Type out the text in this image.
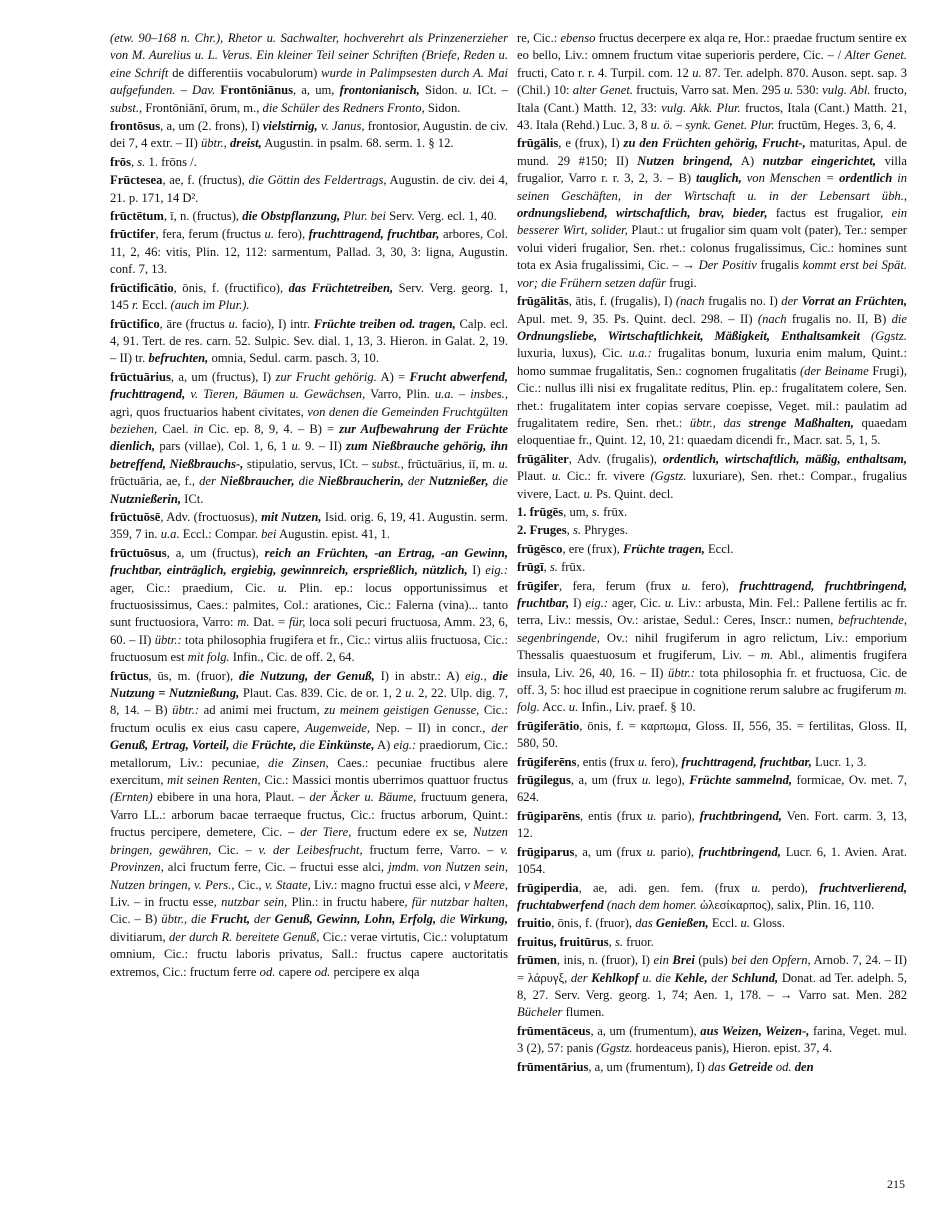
(etw. 90–168 n. Chr.), Rhetor u. Sachwalter, hochverehrt als Prinzenerzieher von M. Aurelius u. L. Verus. Ein kleiner Teil seiner Schriften (Briefe, Reden u. eine Schrift de differentiis vocabulorum) wurde in Palimpsesten durch A. Mai aufgefunden. – Dav. Frontōniānus, a, um, frontonianisch, Sidon. u. ICt. – subst., Frontōniānī, ōrum, m., die Schüler des Redners Fronto, Sidon.
frontōsus, a, um (2. frons), I) vielstirnig, v. Janus, frontosior, Augustin. de civ. dei 7, 4 extr. – II) übtr., dreist, Augustin. in psalm. 68. serm. 1. § 12.
frōs, s. 1. frōns /.
Frūctesea, ae, f. (fructus), die Göttin des Feldertrags, Augustin. de civ. dei 4, 21. p. 171, 14 D².
frūctētum, ī, n. (fructus), die Obstpflanzung, Plur. bei Serv. Verg. ecl. 1, 40.
frūctifer, fera, ferum (fructus u. fero), fruchttragend, fruchtbar, arbores, Col. 11, 2, 46: vitis, Plin. 12, 112: sarmentum, Pallad. 3, 30, 3: ligna, Augustin. conf. 7, 13.
frūctificātio, ōnis, f. (fructifico), das Früchtetreiben, Serv. Verg. georg. 1, 145 r. Eccl. (auch im Plur.).
frūctifico, āre (fructus u. facio), I) intr. Früchte treiben od. tragen, Calp. ecl. 4, 91. Tert. de res. carn. 52. Sulpic. Sev. dial. 1, 13, 3. Hieron. in Galat. 2, 19. – II) tr. befruchten, omnia, Sedul. carm. pasch. 3, 10.
frūctuārius, a, um (fructus), I) zur Frucht gehörig. A) = Frucht abwerfend, fruchttragend, v. Tieren, Bäumen u. Gewächsen, Varro, Plin. u.a. – insbes., agri, quos fructuarios habent civitates, von denen die Gemeinden Fruchtgülten beziehen, Cael. in Cic. ep. 8, 9, 4. – B) = zur Aufbewahrung der Früchte dienlich, pars (villae), Col. 1, 6, 1 u. 9. – II) zum Nießbrauche gehörig, ihn betreffend, Nießbrauchs-, stipulatio, servus, ICt. – subst., frūctuārius, iī, m. u. frūctuāria, ae, f., der Nießbraucher, die Nießbraucherin, der Nutznießer, die Nutznießerin, ICt.
frūctuōsē, Adv. (froctuosus), mit Nutzen, Isid. orig. 6, 19, 41. Augustin. serm. 359, 7 in. u.a. Eccl.: Compar. bei Augustin. epist. 41, 1.
frūctuōsus, a, um (fructus), reich an Früchten, -an Ertrag, -an Gewinn, fruchtbar, einträglich, ergiebig, gewinnreich, ersprießlich, nützlich, I) eig.: ager, Cic.: praedium, Cic. u. Plin. ep.: locus opportunissimus et fructuosissimus, Caes.: palmites, Col.: arationes, Cic.: Falerna (vina)... tanto sunt fructuosiora, Varro: m. Dat. = für, loca soli pecuri fructuosa, Amm. 23, 6, 60. – II) übtr.: tota philosophia frugifera et fr., Cic.: virtus aliis fructuosa, Cic.: fructuosum est mit folg. Infin., Cic. de off. 2, 64.
frūctus, ūs, m. (fruor), die Nutzung, der Genuß, I) in abstr.: A) eig., die Nutzung = Nutznießung, Plaut. Cas. 839. Cic. de or. 1, 2 u. 2, 22. Ulp. dig. 7, 8, 14. – B) übtr.: ad animi mei fructum, zu meinem geistigen Genusse, Cic.: fructum oculis ex eius casu capere, Augenweide, Nep. – II) in concr., der Genuß, Ertrag, Vorteil, die Früchte, die Einkünste, A) eig.: praediorum, Cic.: metallorum, Liv.: pecuniae, die Zinsen, Caes.: pecuniae fructibus alere exercitum, mit seinen Renten, Cic.: Massici montis uberrimos quattuor fructus (Ernten) ebibere in una hora, Plaut. – der Äcker u. Bäume, fructuum genera, Varro LL.: arborum bacae terraeque fructus, Cic.: fructus arborum, Quint.: fructus percipere, demetere, Cic. – der Tiere, fructum edere ex se, Nutzen bringen, gewähren, Cic. – v. der Leibesfrucht, fructum ferre, Varro. – v. Provinzen, alci fructum ferre, Cic. – fructui esse alci, jmdm. von Nutzen sein, Nutzen bringen, v. Pers., Cic., v. Staate, Liv.: magno fructui esse alci, v Meere, Liv. – in fructu esse, nutzbar sein, Plin.: in fructu habere, für nutzbar halten, Cic. – B) übtr., die Frucht, der Genuß, Gewinn, Lohn, Erfolg, die Wirkung, divitiarum, der durch R. bereitete Genuß, Cic.: verae virtutis, Cic.: voluptatum omnium, Cic.: fructu laboris privatus, Sall.: fructus capere auctoritatis extremos, Cic.: fructum ferre od. capere od. percipere ex alqa
re, Cic.: ebenso fructus decerpere ex alqa re, Hor.: praedae fructum sentire ex eo bello, Liv.: omnem fructum vitae superioris perdere, Cic. – / Alter Genet. fructi, Cato r. r. 4. Turpil. com. 12 u. 87. Ter. adelph. 870. Auson. sept. sap. 3 (Chil.) 10: alter Genet. fructuis, Varro sat. Men. 295 u. 530: vulg. Abl. fructo, Itala (Cant.) Matth. 12, 33: vulg. Akk. Plur. fructos, Itala (Cant.) Matth. 21, 43. Itala (Rehd.) Luc. 3, 8 u. ö. – synk. Genet. Plur. fructūm, Heges. 3, 6, 4.
frūgālis, e (frux), I) zu den Früchten gehörig, Frucht-, maturitas, Apul. de mund. 29 #150; II) Nutzen bringend, A) nutzbar eingerichtet, villa frugalior, Varro r. r. 3, 2, 3. – B) tauglich, von Menschen = ordentlich in seinen Geschäften, in der Wirtschaft u. in der Lebensart übh., ordnungsliebend, wirtschaftlich, brav, bieder, factus est frugalior, ein besserer Wirt, solider, Plaut.: ut frugalior sim quam volt (pater), Ter.: semper volui videri frugalior, Sen. rhet.: colonus frugalissimus, Cic.: homines sunt tota ex Asia frugalissimi, Cic. – → Der Positiv frugalis kommt erst bei Spät. vor; die Frühern setzen dafür frugi.
frūgālitās, ātis, f. (frugalis), I) (nach frugalis no. I) der Vorrat an Früchten, Apul. met. 9, 35. Ps. Quint. decl. 298. – II) (nach frugalis no. II, B) die Ordnungsliebe, Wirtschaftlichkeit, Mäßigkeit, Enthaltsamkeit (Ggstz. luxuria, luxus), Cic. u.a.: frugalitas bonum, luxuria enim malum, Quint.: homo summae frugalitatis, Sen.: cognomen frugalitatis (der Beiname Frugi), Cic.: nullus illi nisi ex frugalitate reditus, Plin. ep.: frugalitatem colere, Sen. rhet.: frugalitatem inter copias servare coepisse, Veget. mil.: paulatim ad frugalitatem redire, Sen. rhet.: übtr., das strenge Maßhalten, quaedam eloquentiae fr., Quint. 12, 10, 21: quaedam dicendi fr., Macr. sat. 5, 1, 5.
frūgāliter, Adv. (frugalis), ordentlich, wirtschaftlich, mäßig, enthaltsam, Plaut. u. Cic.: fr. vivere (Ggstz. luxuriare), Sen. rhet.: Compar., frugalius vivere, Lact. u. Ps. Quint. decl.
1. frūgēs, um, s. frūx.
2. Fruges, s. Phryges.
frūgēsco, ere (frux), Früchte tragen, Eccl.
frūgī, s. frūx.
frūgifer, fera, ferum (frux u. fero), fruchttragend, fruchtbringend, fruchtbar, I) eig.: ager, Cic. u. Liv.: arbusta, Min. Fel.: Pallene fertilis ac fr. terra, Liv.: messis, Ov.: aristae, Sedul.: Ceres, Inscr.: numen, befruchtende, segenbringende, Ov.: nihil frugiferum in agro relictum, Liv.: emporium Thessalis quaestuosum et frugiferum, Liv. – m. Abl., alimentis frugifera insula, Liv. 26, 40, 16. – II) übtr.: tota philosophia fr. et fructuosa, Cic. de off. 3, 5: hoc illud est praecipue in cognitione rerum salubre ac frugiferum m. folg. Acc. u. Infin., Liv. praef. § 10.
frūgiferātio, ōnis, f. = καρπωμα, Gloss. II, 556, 35. = fertilitas, Gloss. II, 580, 50.
frūgiferēns, entis (frux u. fero), fruchttragend, fruchtbar, Lucr. 1, 3.
frūgilegus, a, um (frux u. lego), Früchte sammelnd, formicae, Ov. met. 7, 624.
frūgiparēns, entis (frux u. pario), fruchtbringend, Ven. Fort. carm. 3, 13, 12.
frūgiparus, a, um (frux u. pario), fruchtbringend, Lucr. 6, 1. Avien. Arat. 1054.
frūgiperdia, ae, adi. gen. fem. (frux u. perdo), fruchtverlierend, fruchtabwerfend (nach dem homer. ὠλεσίκαρπος), salix, Plin. 16, 110.
fruitio, ōnis, f. (fruor), das Genießen, Eccl. u. Gloss.
fruitus, fruitūrus, s. fruor.
frūmen, inis, n. (fruor), I) ein Brei (puls) bei den Opfern, Arnob. 7, 24. – II) = λάρυγξ, der Kehlkopf u. die Kehle, der Schlund, Donat. ad Ter. adelph. 5, 8, 27. Serv. Verg. georg. 1, 74; Aen. 1, 178. – → Varro sat. Men. 282 Bücheler flumen.
frūmentāceus, a, um (frumentum), aus Weizen, Weizen-, farina, Veget. mul. 3 (2), 57: panis (Ggstz. hordeaceus panis), Hieron. epist. 37, 4.
frūmentārius, a, um (frumentum), I) das Getreide od. den
215
